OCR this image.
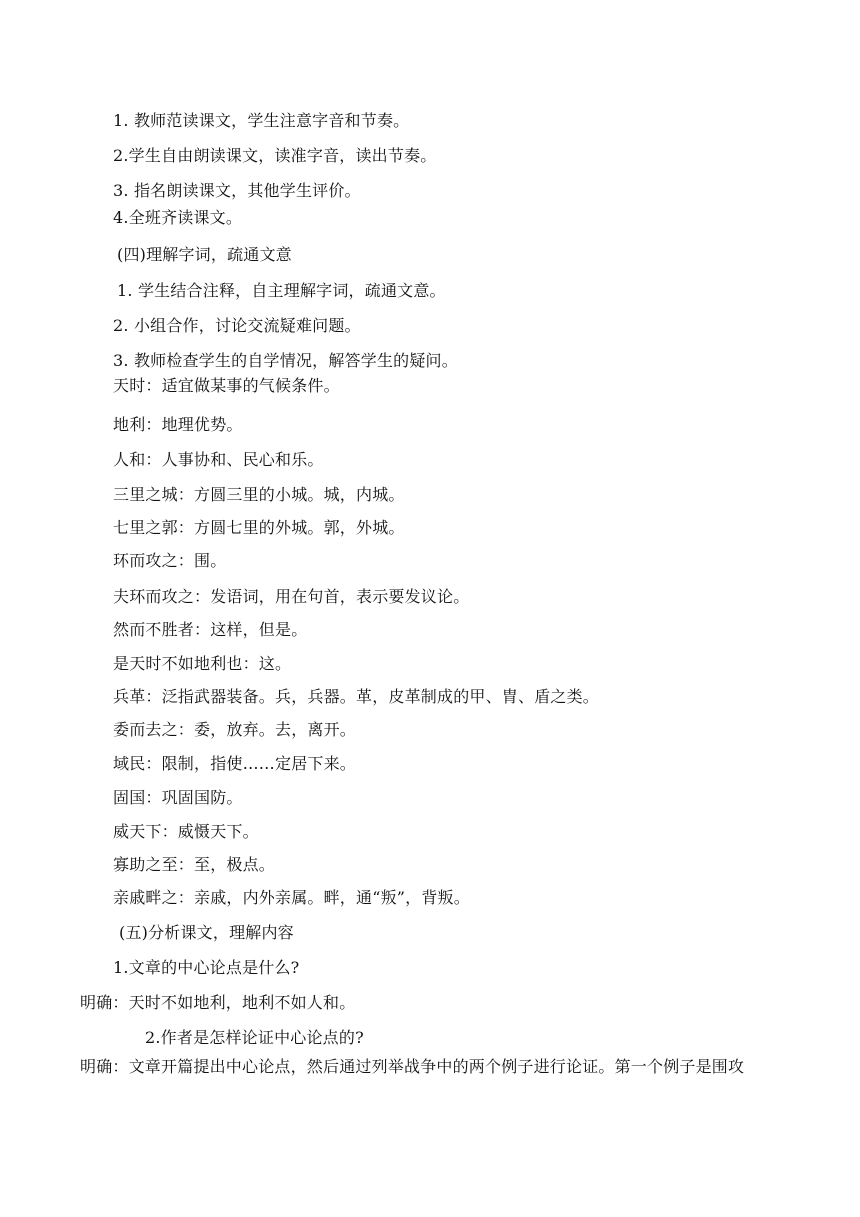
1. 教师范读课文，学生注意字音和节奏。
2.学生自由朗读课文，读准字音，读出节奏。
3. 指名朗读课文，其他学生评价。
4.全班齐读课文。
(四)理解字词，疏通文意
1. 学生结合注释，自主理解字词，疏通文意。
2. 小组合作，讨论交流疑难问题。
3. 教师检查学生的自学情况，解答学生的疑问。
天时：适宜做某事的气候条件。
地利：地理优势。
人和：人事协和、民心和乐。
三里之城：方圆三里的小城。城，内城。
七里之郭：方圆七里的外城。郭，外城。
环而攻之：围。
夫环而攻之：发语词，用在句首，表示要发议论。
然而不胜者：这样，但是。
是天时不如地利也：这。
兵革：泛指武器装备。兵，兵器。革，皮革制成的甲、胄、盾之类。
委而去之：委，放弃。去，离开。
域民：限制，指使……定居下来。
固国：巩固国防。
威天下：威慑天下。
寡助之至：至，极点。
亲戚畔之：亲戚，内外亲属。畔，通“叛”，背叛。
(五)分析课文，理解内容
1.文章的中心论点是什么?
明确：天时不如地利，地利不如人和。
2.作者是怎样论证中心论点的?
明确：文章开篇提出中心论点，然后通过列举战争中的两个例子进行论证。第一个例子是围攻
